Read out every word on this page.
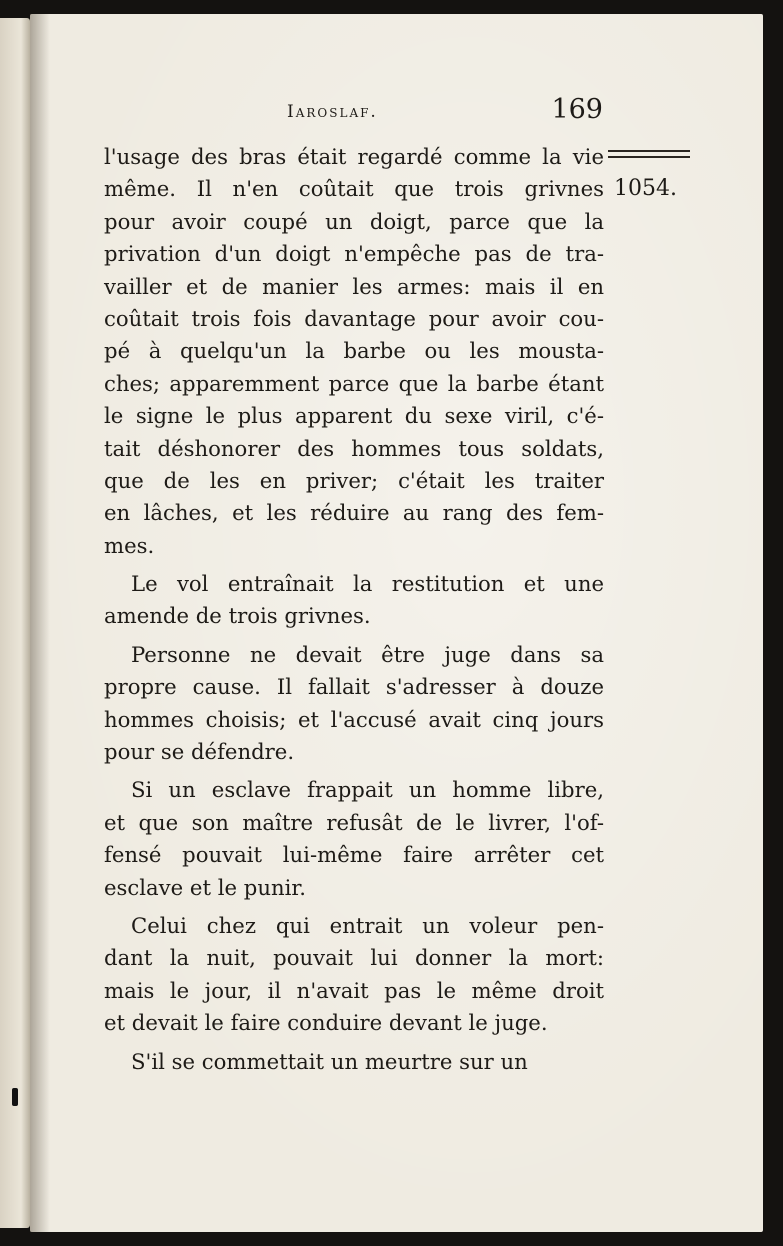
Iaroslaf.	169
1054.
l'usage des bras était regardé comme la vie
même. Il n'en coûtait que trois grivnes
pour avoir coupé un doigt, parce que la
privation d'un doigt n'empêche pas de tra-
vailler et de manier les armes: mais il en
coûtait trois fois davantage pour avoir cou-
pé à quelqu'un la barbe ou les mousta-
ches; apparemment parce que la barbe étant
le signe le plus apparent du sexe viril, c'é-
tait déshonorer des hommes tous soldats,
que de les en priver; c'était les traiter
en lâches, et les réduire au rang des fem-
mes.
Le vol entraînait la restitution et une
amende de trois grivnes.
Personne ne devait être juge dans sa
propre cause. Il fallait s'adresser à douze
hommes choisis; et l'accusé avait cinq jours
pour se défendre.
Si un esclave frappait un homme libre,
et que son maître refusât de le livrer, l'of-
fensé pouvait lui-même faire arrêter cet
esclave et le punir.
Celui chez qui entrait un voleur pen-
dant la nuit, pouvait lui donner la mort:
mais le jour, il n'avait pas le même droit
et devait le faire conduire devant le juge.
S'il se commettait un meurtre sur un
